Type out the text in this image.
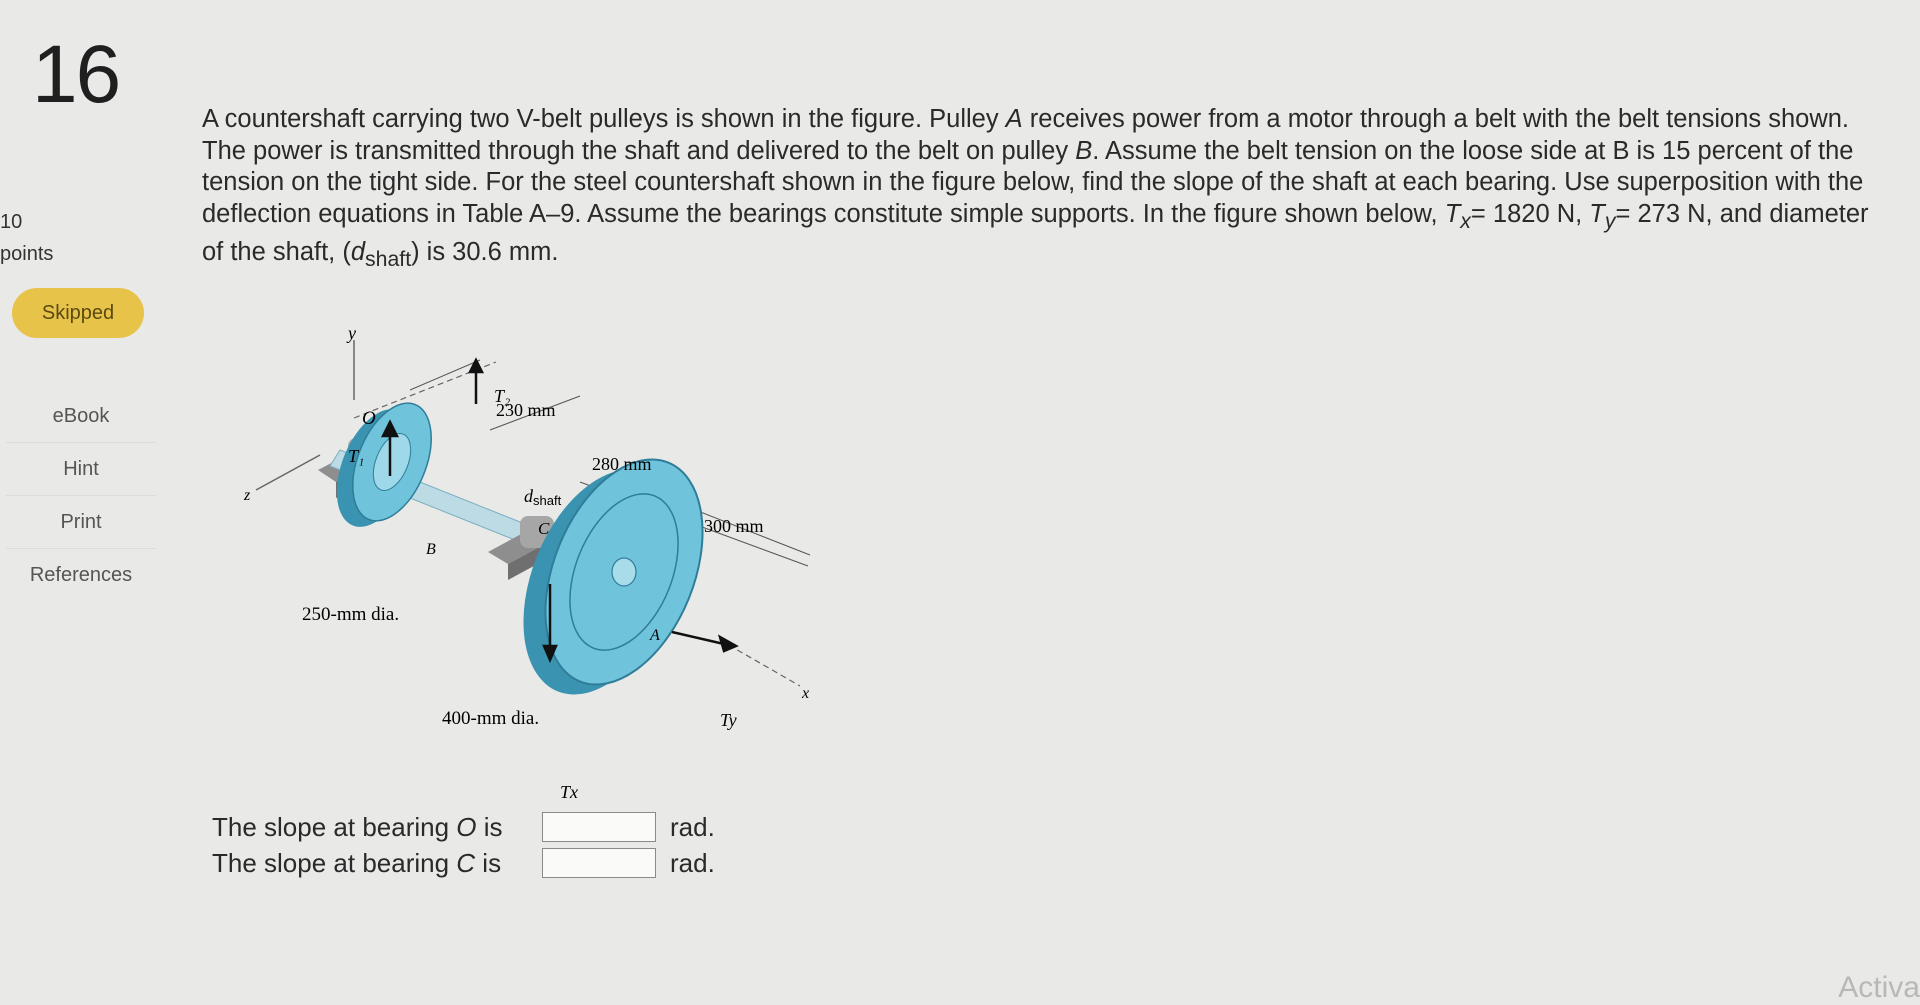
16
10
points
Skipped
eBook
Hint
Print
References
A countershaft carrying two V-belt pulleys is shown in the figure. Pulley A receives power from a motor through a belt with the belt tensions shown. The power is transmitted through the shaft and delivered to the belt on pulley B. Assume the belt tension on the loose side at B is 15 percent of the tension on the tight side. For the steel countershaft shown in the figure below, find the slope of the shaft at each bearing. Use superposition with the deflection equations in Table A–9. Assume the bearings constitute simple supports. In the figure shown below, $T_x= 1820$ N, $T_y= 273$ N, and diameter of the shaft, $(d_{shaft})$ is 30.6 mm.
y
z
x
O
C
B
A
T₁
T₂
Tx
Ty
230 mm
280 mm
300 mm
dshaft
250-mm dia.
400-mm dia.
The slope at bearing O is	rad.
The slope at bearing C is	rad.
Activa
